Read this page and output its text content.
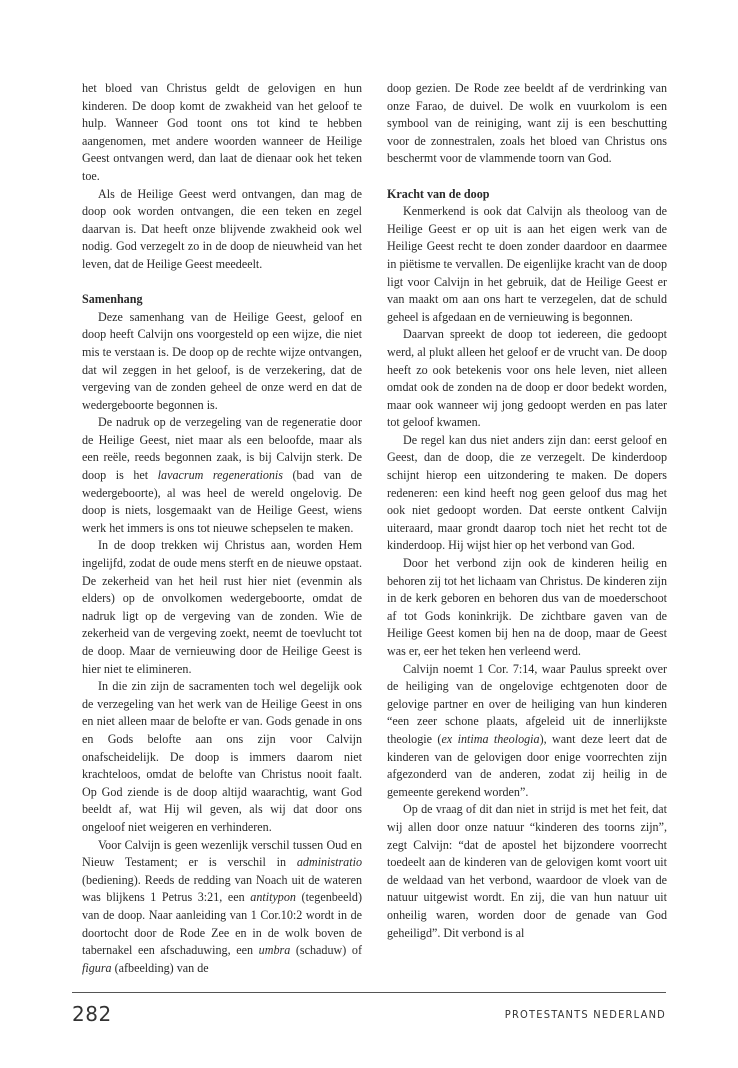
het bloed van Christus geldt de gelovigen en hun kinderen. De doop komt de zwakheid van het geloof te hulp. Wanneer God toont ons tot kind te hebben aangenomen, met andere woorden wanneer de Heilige Geest ontvangen werd, dan laat de dienaar ook het teken toe.

Als de Heilige Geest werd ontvangen, dan mag de doop ook worden ontvangen, die een teken en zegel daarvan is. Dat heeft onze blijvende zwakheid ook wel nodig. God verzegelt zo in de doop de nieuwheid van het leven, dat de Heilige Geest meedeelt.

Samenhang

Deze samenhang van de Heilige Geest, geloof en doop heeft Calvijn ons voorgesteld op een wijze, die niet mis te verstaan is. De doop op de rechte wijze ontvangen, dat wil zeggen in het geloof, is de verzekering, dat de vergeving van de zonden geheel de onze werd en dat de wedergeboorte begonnen is.

De nadruk op de verzegeling van de regeneratie door de Heilige Geest, niet maar als een beloofde, maar als een reële, reeds begonnen zaak, is bij Calvijn sterk. De doop is het lavacrum regenerationis (bad van de wedergeboorte), al was heel de wereld ongelovig. De doop is niets, losgemaakt van de Heilige Geest, wiens werk het immers is ons tot nieuwe schepselen te maken.

In de doop trekken wij Christus aan, worden Hem ingelijfd, zodat de oude mens sterft en de nieuwe opstaat. De zekerheid van het heil rust hier niet (evenmin als elders) op de onvolkomen wedergeboorte, omdat de nadruk ligt op de vergeving van de zonden. Wie de zekerheid van de vergeving zoekt, neemt de toevlucht tot de doop. Maar de vernieuwing door de Heilige Geest is hier niet te elimineren.

In die zin zijn de sacramenten toch wel degelijk ook de verzegeling van het werk van de Heilige Geest in ons en niet alleen maar de belofte er van. Gods genade in ons en Gods belofte aan ons zijn voor Calvijn onafscheidelijk. De doop is immers daarom niet krachteloos, omdat de belofte van Christus nooit faalt. Op God ziende is de doop altijd waarachtig, want God beeldt af, wat Hij wil geven, als wij dat door ons ongeloof niet weigeren en verhinderen.

Voor Calvijn is geen wezenlijk verschil tussen Oud en Nieuw Testament; er is verschil in administratio (bediening). Reeds de redding van Noach uit de wateren was blijkens 1 Petrus 3:21, een antitypon (tegenbeeld) van de doop. Naar aanleiding van 1 Cor.10:2 wordt in de doortocht door de Rode Zee en in de wolk boven de tabernakel een afschaduwing, een umbra (schaduw) of figura (afbeelding) van de

doop gezien. De Rode zee beeldt af de verdrinking van onze Farao, de duivel. De wolk en vuurkolom is een symbool van de reiniging, want zij is een beschutting voor de zonnestralen, zoals het bloed van Christus ons beschermt voor de vlammende toorn van God.

Kracht van de doop

Kenmerkend is ook dat Calvijn als theoloog van de Heilige Geest er op uit is aan het eigen werk van de Heilige Geest recht te doen zonder daardoor en daarmee in piëtisme te vervallen. De eigenlijke kracht van de doop ligt voor Calvijn in het gebruik, dat de Heilige Geest er van maakt om aan ons hart te verzegelen, dat de schuld geheel is afgedaan en de vernieuwing is begonnen.

Daarvan spreekt de doop tot iedereen, die gedoopt werd, al plukt alleen het geloof er de vrucht van. De doop heeft zo ook betekenis voor ons hele leven, niet alleen omdat ook de zonden na de doop er door bedekt worden, maar ook wanneer wij jong gedoopt werden en pas later tot geloof kwamen.

De regel kan dus niet anders zijn dan: eerst geloof en Geest, dan de doop, die ze verzegelt. De kinderdoop schijnt hierop een uitzondering te maken. De dopers redeneren: een kind heeft nog geen geloof dus mag het ook niet gedoopt worden. Dat eerste ontkent Calvijn uiteraard, maar grondt daarop toch niet het recht tot de kinderdoop. Hij wijst hier op het verbond van God.

Door het verbond zijn ook de kinderen heilig en behoren zij tot het lichaam van Christus. De kinderen zijn in de kerk geboren en behoren dus van de moederschoot af tot Gods koninkrijk. De zichtbare gaven van de Heilige Geest komen bij hen na de doop, maar de Geest was er, eer het teken hen verleend werd.

Calvijn noemt 1 Cor. 7:14, waar Paulus spreekt over de heiliging van de ongelovige echtgenoten door de gelovige partner en over de heiliging van hun kinderen “een zeer schone plaats, afgeleid uit de innerlijkste theologie (ex intima theologia), want deze leert dat de kinderen van de gelovigen door enige voorrechten zijn afgezonderd van de anderen, zodat zij heilig in de gemeente gerekend worden”.

Op de vraag of dit dan niet in strijd is met het feit, dat wij allen door onze natuur “kinderen des toorns zijn”, zegt Calvijn: “dat de apostel het bijzondere voorrecht toedeelt aan de kinderen van de gelovigen komt voort uit de weldaad van het verbond, waardoor de vloek van de natuur uitgewist wordt. En zij, die van hun natuur uit onheilig waren, worden door de genade van God geheiligd”. Dit verbond is al

282	PROTESTANTS NEDERLAND
